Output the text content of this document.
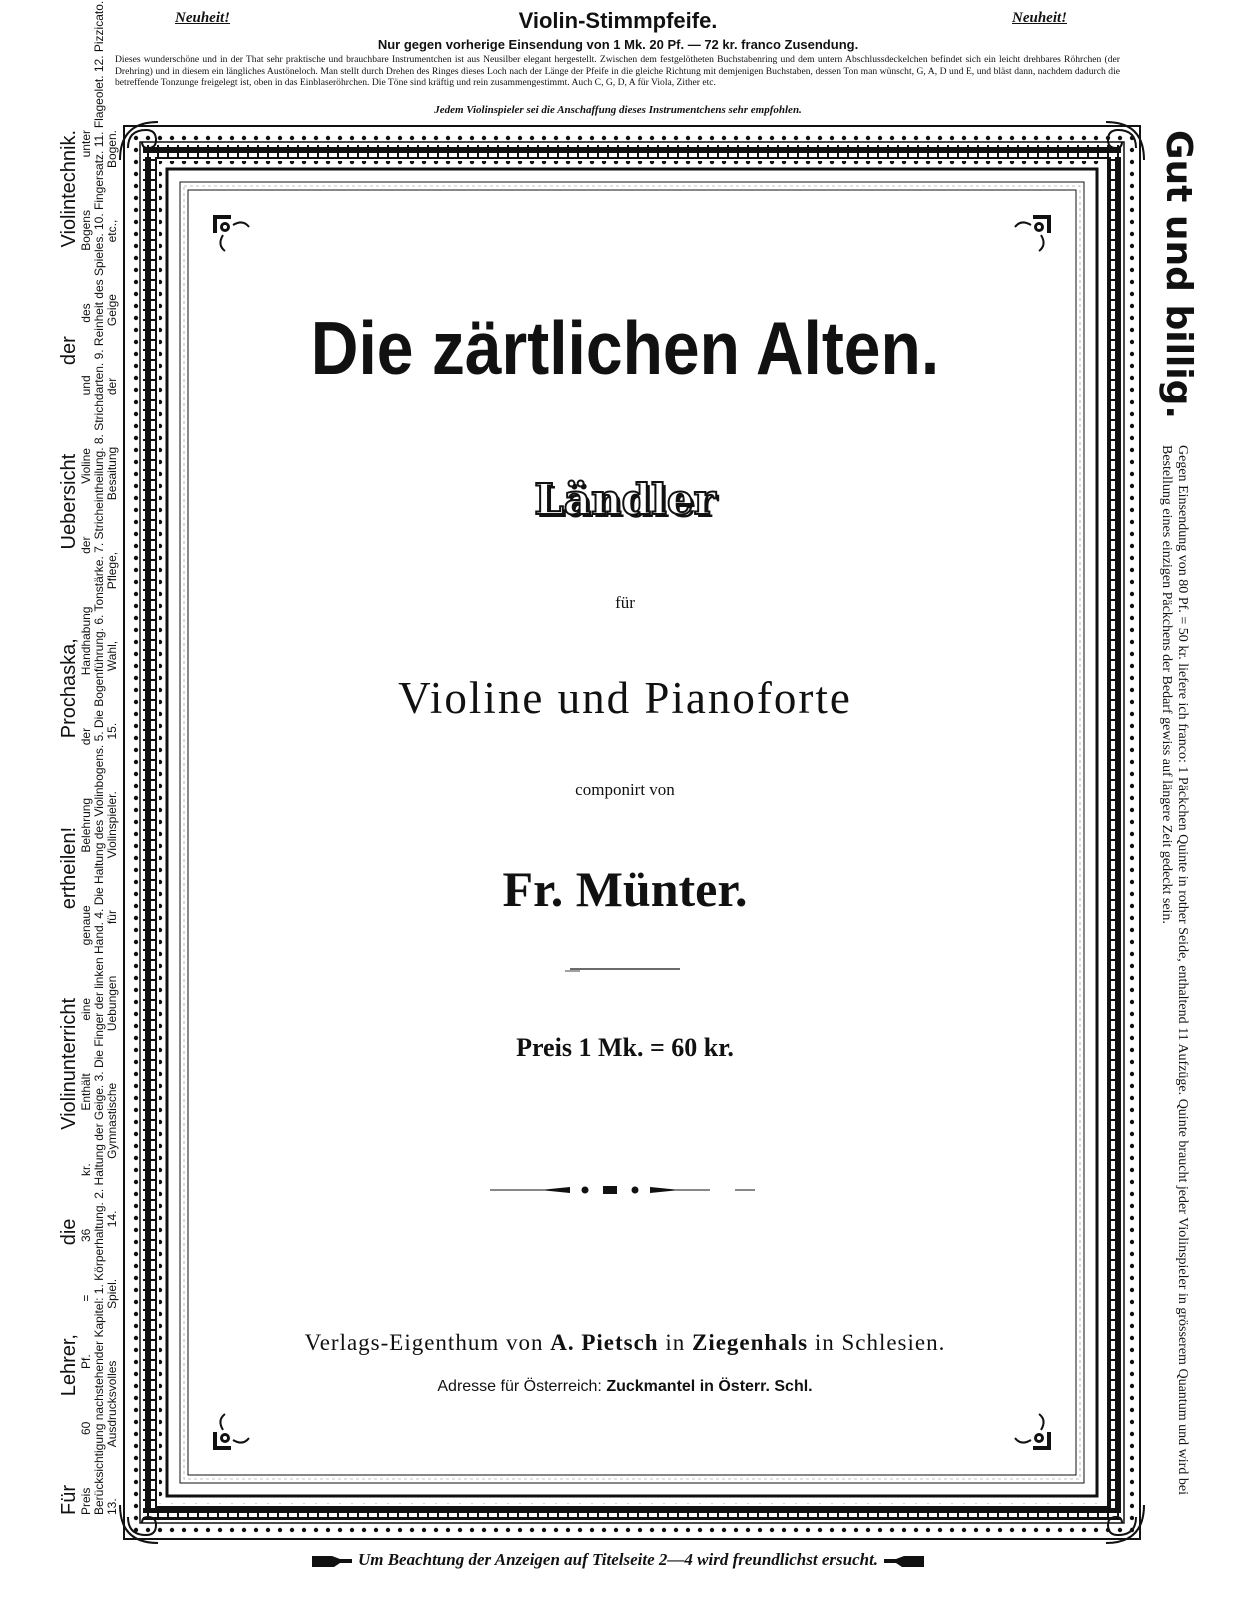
Neuheit!	Violin-Stimmpfeife.	Neuheit!
Nur gegen vorherige Einsendung von 1 Mk. 20 Pf. — 72 kr. franco Zusendung.
Dieses wunderschöne und in der That sehr praktische und brauchbare Instrumentchen ist aus Neusilber elegant hergestellt. Zwischen dem festgelötheten Buchstabenring und dem untern Abschlussdeckelchen befindet sich ein leicht drehbares Röhrchen (der Drehring) und in diesem ein längliches Austöneloch. Man stellt durch Drehen des Ringes dieses Loch nach der Länge der Pfeife in die gleiche Richtung mit demjenigen Buchstaben, dessen Ton man wünscht, G, A, D und E, und bläst dann, nachdem dadurch die betreffende Tonzunge freigelegt ist, oben in das Einblaseröhrchen. Die Töne sind kräftig und rein zusammengestimmt. Auch C, G, D, A für Viola, Zither etc.
Jedem Violinspieler sei die Anschaffung dieses Instrumentchens sehr empfohlen.
Für Lehrer, die Violinunterricht ertheilen! Prochaska, Uebersicht der Violintechnik. Preis 60 Pf. = 36 kr. Enthält eine genaue Belehrung der Handhabung der Violine und des Bogens unter Berücksichtigung nachstehender Kapitel: 1. Körperhaltung. 2. Haltung der Geige. 3. Die Finger der linken Hand. 4. Die Haltung des Violinbogens. 5. Die Bogenführung. 6. Tonstärke. 7. Stricheintheilung. 8. Strichdarten. 9. Reinheit des Spieles. 10. Fingersatz. 11. Flageolet. 12. Pizzicato. 13. Ausdrucksvolles Spiel. 14. Gymnastische Uebungen für Violinspieler. 15. Wahl, Pflege, Besaitung der Geige etc., Bogen.	Gut und billig.
Gegen Einsendung von 80 Pf. = 50 kr. liefere ich franco: 1 Päckchen Quinte in rother Seide, enthaltend 11 Aufzüge. Quinte braucht jeder Violinspieler in grösserem Quantum und wird bei Bestellung eines einzigen Päckchens der Bedarf gewiss auf längere Zeit gedeckt sein.
Die zärtlichen Alten.
Ländler
für
Violine und Pianoforte
componirt von
Fr. Münter.
Preis 1 Mk. = 60 kr.
Verlags-Eigenthum von A. Pietsch in Ziegenhals in Schlesien.
Adresse für Österreich: Zuckmantel in Österr. Schl.
Um Beachtung der Anzeigen auf Titelseite 2—4 wird freundlichst ersucht.
